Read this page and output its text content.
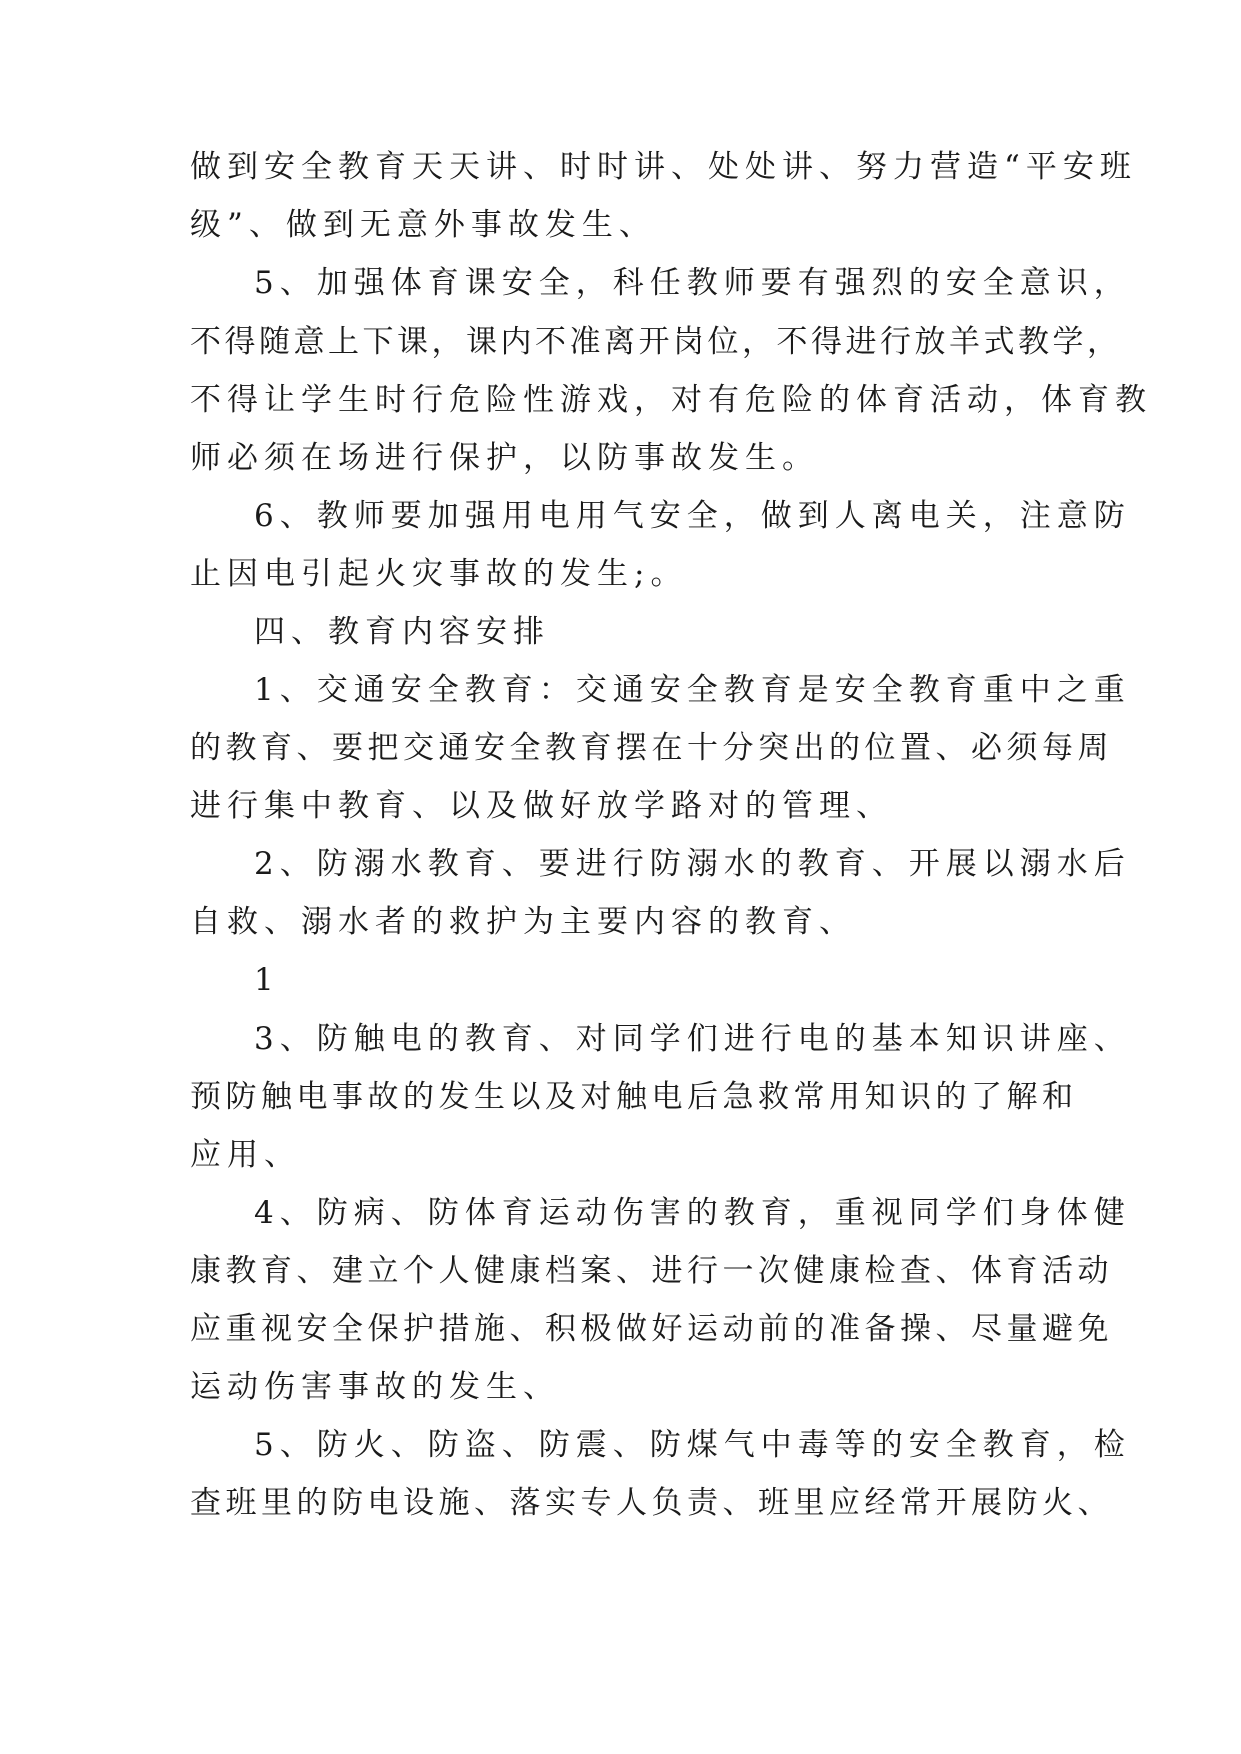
做到安全教育天天讲、时时讲、处处讲、努力营造“平安班
级”、做到无意外事故发生、
5、加强体育课安全，科任教师要有强烈的安全意识，
不得随意上下课，课内不准离开岗位，不得进行放羊式教学，
不得让学生时行危险性游戏，对有危险的体育活动，体育教
师必须在场进行保护，以防事故发生。
6、教师要加强用电用气安全，做到人离电关，注意防
止因电引起火灾事故的发生;。
四、教育内容安排
1、交通安全教育：交通安全教育是安全教育重中之重
的教育、要把交通安全教育摆在十分突出的位置、必须每周
进行集中教育、以及做好放学路对的管理、
2、防溺水教育、要进行防溺水的教育、开展以溺水后
自救、溺水者的救护为主要内容的教育、
1
3、防触电的教育、对同学们进行电的基本知识讲座、
预防触电事故的发生以及对触电后急救常用知识的了解和
应用、
4、防病、防体育运动伤害的教育，重视同学们身体健
康教育、建立个人健康档案、进行一次健康检查、体育活动
应重视安全保护措施、积极做好运动前的准备操、尽量避免
运动伤害事故的发生、
5、防火、防盗、防震、防煤气中毒等的安全教育，检
查班里的防电设施、落实专人负责、班里应经常开展防火、
